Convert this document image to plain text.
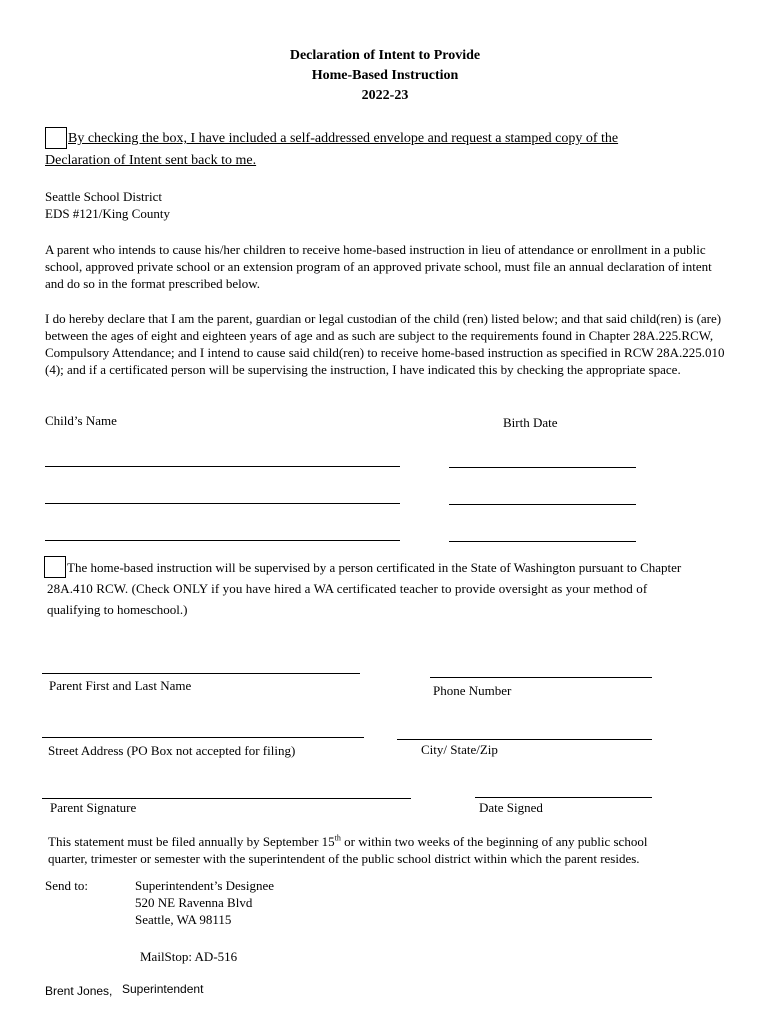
Declaration of Intent to Provide
Home-Based Instruction
2022-23
By checking the box, I have included a self-addressed envelope and request a stamped copy of the
Declaration of Intent sent back to me.
Seattle School District
EDS #121/King County
A parent who intends to cause his/her children to receive home-based instruction in lieu of attendance or enrollment in a public school, approved private school or an extension program of an approved private school, must file an annual declaration of intent and do so in the format prescribed below.
I do hereby declare that I am the parent, guardian or legal custodian of the child (ren) listed below; and that said child(ren) is (are) between the ages of eight and eighteen years of age and as such are subject to the requirements found in Chapter 28A.225.RCW, Compulsory Attendance; and I intend to cause said child(ren) to receive home-based instruction as specified in RCW 28A.225.010 (4); and if a certificated person will be supervising the instruction, I have indicated this by checking the appropriate space.
Child’s Name	Birth Date
The home-based instruction will be supervised by a person certificated in the State of Washington pursuant to Chapter
28A.410 RCW. (Check ONLY if you have hired a WA certificated teacher to provide oversight as your method of
qualifying to homeschool.)
Parent First and Last Name	Phone Number
Street Address (PO Box not accepted for filing)	City/ State/Zip
Parent Signature	Date Signed
This statement must be filed annually by September 15th or within two weeks of the beginning of any public school
quarter, trimester or semester with the superintendent of the public school district within which the parent resides.
Send to:	Superintendent’s Designee
520 NE Ravenna Blvd
Seattle, WA 98115
MailStop: AD-516
Brent Jones, Superintendent
